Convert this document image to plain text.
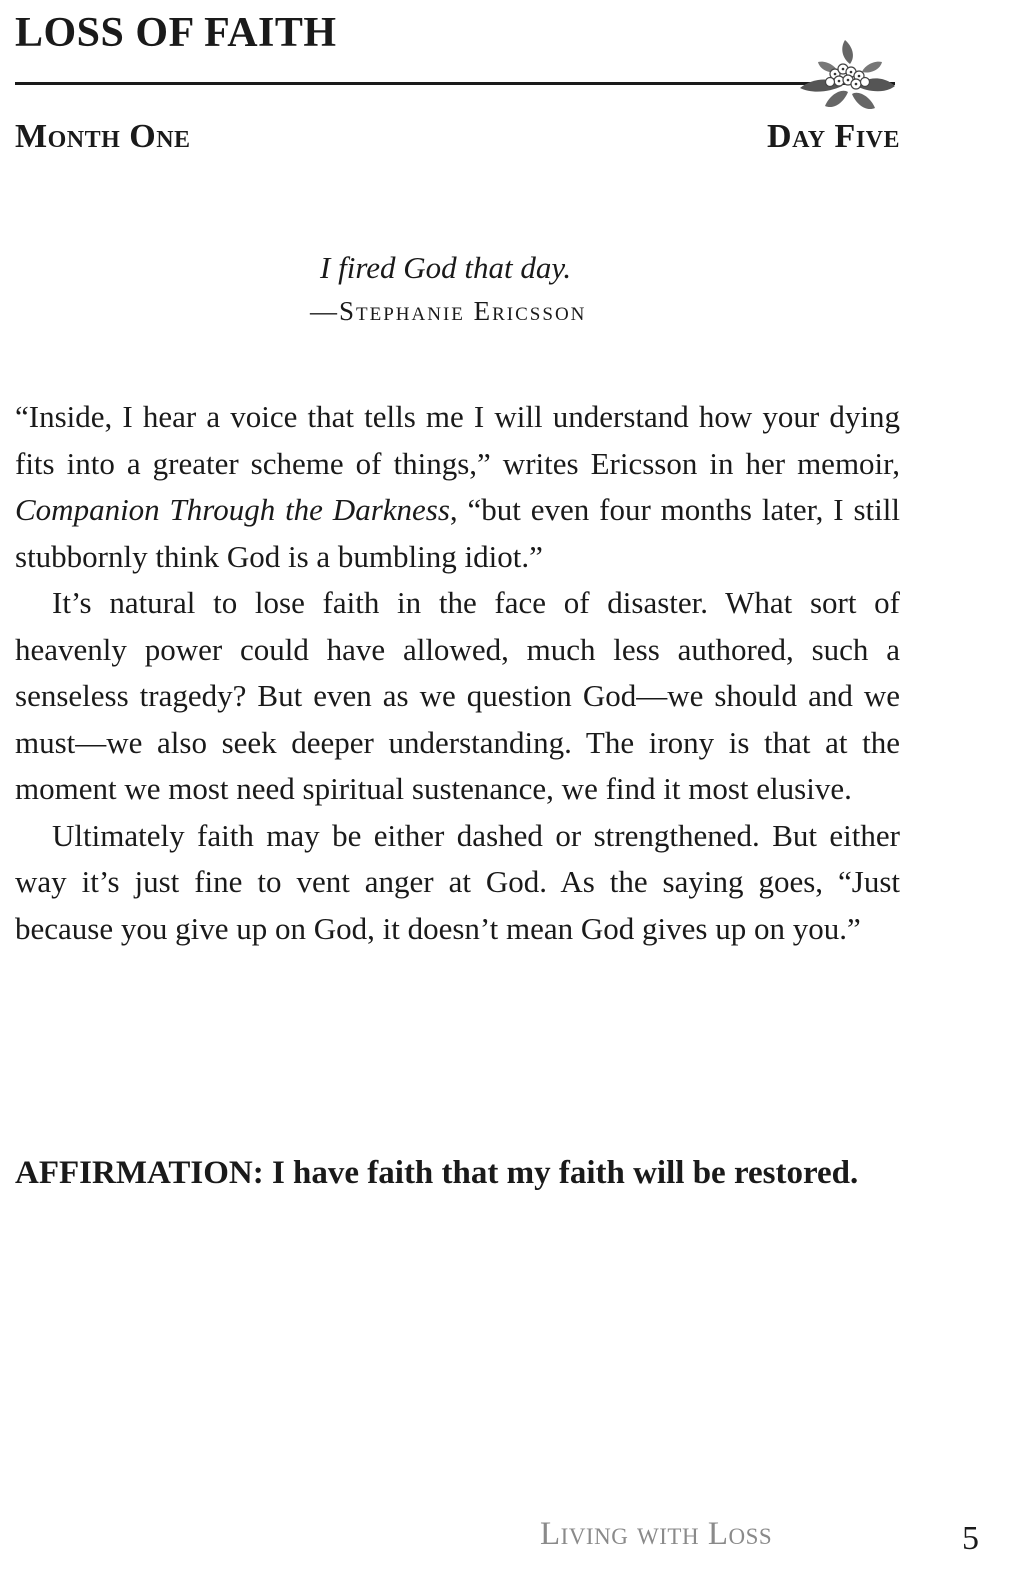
LOSS OF FAITH
Month One	Day Five

I fired God that day.

—Stephanie Ericsson

“Inside, I hear a voice that tells me I will understand how your dying fits into a greater scheme of things,” writes Ericsson in her memoir, Companion Through the Darkness, “but even four months later, I still stubbornly think God is a bumbling idiot.”

It’s natural to lose faith in the face of disaster. What sort of heavenly power could have allowed, much less authored, such a senseless tragedy? But even as we question God—we should and we must—we also seek deeper understanding. The irony is that at the moment we most need spiritual sustenance, we find it most elusive.

Ultimately faith may be either dashed or strengthened. But either way it’s just fine to vent anger at God. As the saying goes, “Just because you give up on God, it doesn’t mean God gives up on you.”

AFFIRMATION: I have faith that my faith will be restored.

Living with Loss	5
